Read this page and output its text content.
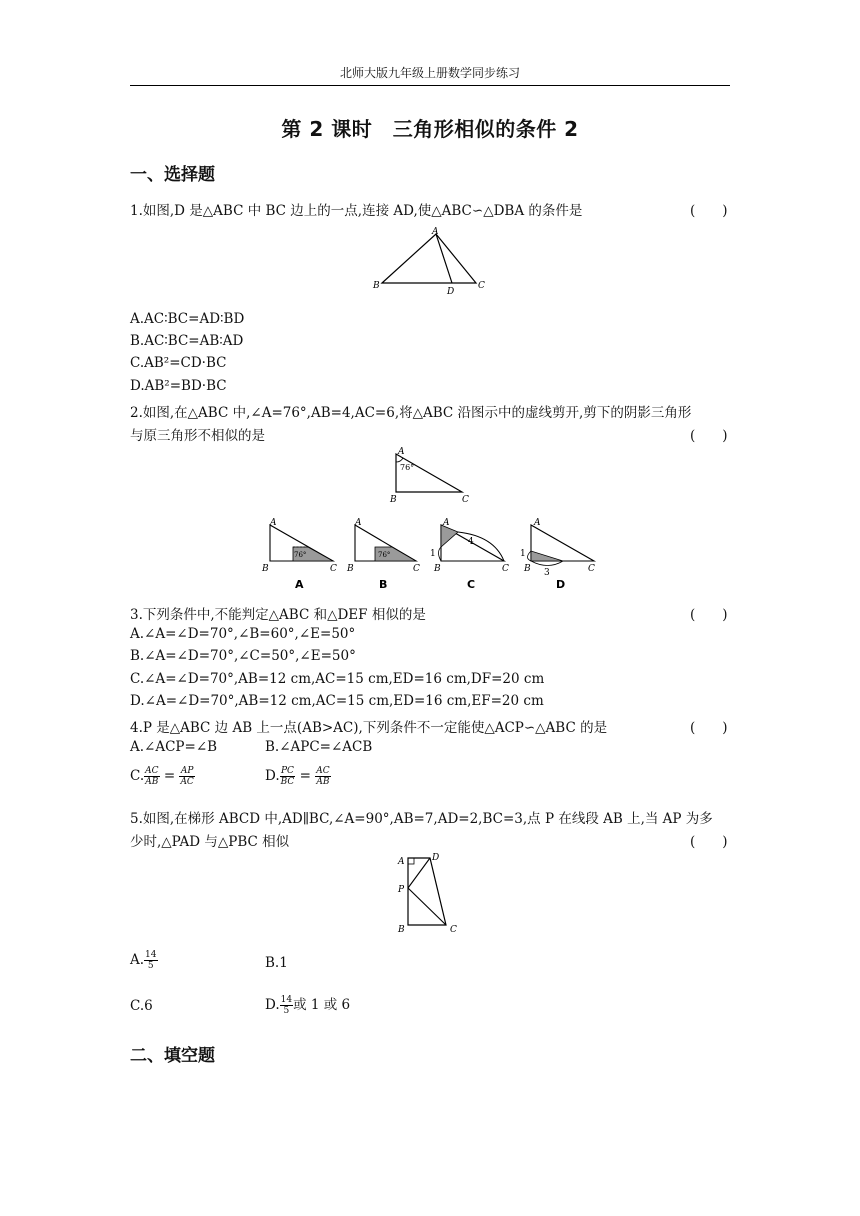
北师大版九年级上册数学同步练习
第 2 课时　三角形相似的条件 2
一、选择题
1.如图,D 是△ABC 中 BC 边上的一点,连接 AD,使△ABC∽△DBA 的条件是	(　　)
A
B	C
D
A.AC∶BC=AD∶BD
B.AC∶BC=AB∶AD
C.AB²=CD·BC
D.AB²=BD·BC
2.如图,在△ABC 中,∠A=76°,AB=4,AC=6,将△ABC 沿图示中的虚线剪开,剪下的阴影三角形
与原三角形不相似的是	(　　)
A
B	C
76°
A
B	C
76°
A
A
B	C
76°
B
A
B	C
1
4
C
A
B	C
1
3
D
3.下列条件中,不能判定△ABC 和△DEF 相似的是	(　　)
A.∠A=∠D=70°,∠B=60°,∠E=50°
B.∠A=∠D=70°,∠C=50°,∠E=50°
C.∠A=∠D=70°,AB=12 cm,AC=15 cm,ED=16 cm,DF=20 cm
D.∠A=∠D=70°,AB=12 cm,AC=15 cm,ED=16 cm,EF=20 cm
4.P 是△ABC 边 AB 上一点(AB>AC),下列条件不一定能使△ACP∽△ABC 的是	(　　)
A.∠ACP=∠B	B.∠APC=∠ACB
C. $\frac{AC}{AB} = \frac{AP}{AC}$	D. $\frac{PC}{BC} = \frac{AC}{AB}$
5.如图,在梯形 ABCD 中,AD∥BC,∠A=90°,AB=7,AD=2,BC=3,点 P 在线段 AB 上,当 AP 为多
少时,△PAD 与△PBC 相似	(　　)
A	D
P
B	C
A. $\frac{14}{5}$	B.1
C.6	D. $\frac{14}{5}$ 或 1 或 6
二、填空题
